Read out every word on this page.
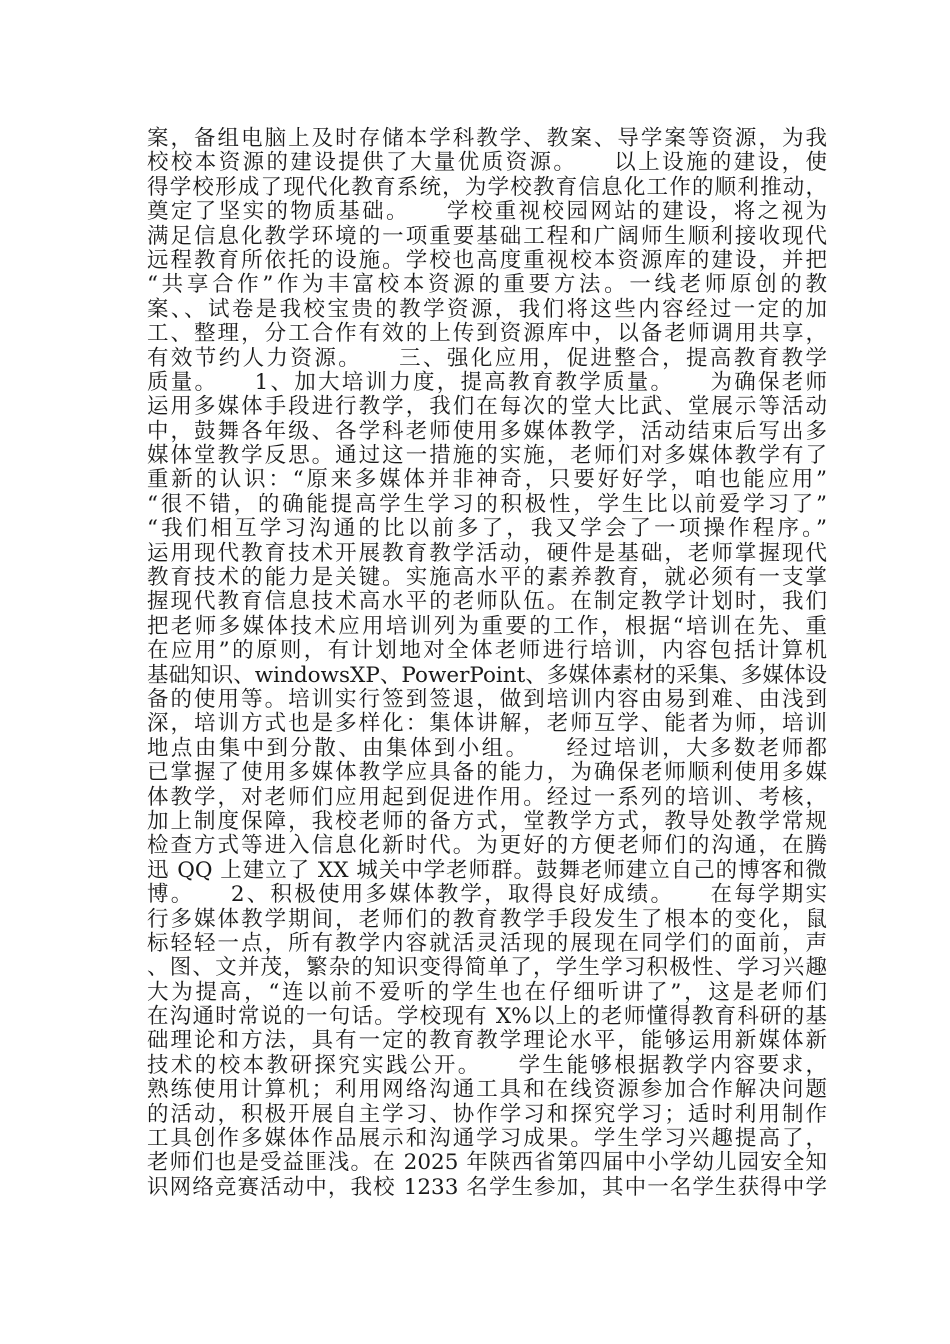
案，备组电脑上及时存储本学科教学、教案、导学案等资源，为我
校校本资源的建设提供了大量优质资源。    以上设施的建设，使
得学校形成了现代化教育系统，为学校教育信息化工作的顺利推动，
奠定了坚实的物质基础。    学校重视校园网站的建设，将之视为
满足信息化教学环境的一项重要基础工程和广阔师生顺利接收现代
远程教育所依托的设施。学校也高度重视校本资源库的建设，并把
“共享合作”作为丰富校本资源的重要方法。一线老师原创的教
案、、试卷是我校宝贵的教学资源，我们将这些内容经过一定的加
工、整理，分工合作有效的上传到资源库中，以备老师调用共享，
有效节约人力资源。    三、强化应用，促进整合，提高教育教学
质量。    1、加大培训力度，提高教育教学质量。    为确保老师
运用多媒体手段进行教学，我们在每次的堂大比武、堂展示等活动
中，鼓舞各年级、各学科老师使用多媒体教学，活动结束后写出多
媒体堂教学反思。通过这一措施的实施，老师们对多媒体教学有了
重新的认识：“原来多媒体并非神奇，只要好好学，咱也能应用”
“很不错，的确能提高学生学习的积极性，学生比以前爱学习了”
“我们相互学习沟通的比以前多了，我又学会了一项操作程序。”
运用现代教育技术开展教育教学活动，硬件是基础，老师掌握现代
教育技术的能力是关键。实施高水平的素养教育，就必须有一支掌
握现代教育信息技术高水平的老师队伍。在制定教学计划时，我们
把老师多媒体技术应用培训列为重要的工作，根据“培训在先、重
在应用”的原则，有计划地对全体老师进行培训，内容包括计算机
基础知识、windowsXP、PowerPoint、多媒体素材的采集、多媒体设
备的使用等。培训实行签到签退，做到培训内容由易到难、由浅到
深，培训方式也是多样化：集体讲解，老师互学、能者为师，培训
地点由集中到分散、由集体到小组。    经过培训，大多数老师都
已掌握了使用多媒体教学应具备的能力，为确保老师顺利使用多媒
体教学，对老师们应用起到促进作用。经过一系列的培训、考核，
加上制度保障，我校老师的备方式，堂教学方式，教导处教学常规
检查方式等进入信息化新时代。为更好的方便老师们的沟通，在腾
迅 QQ 上建立了 XX 城关中学老师群。鼓舞老师建立自己的博客和微
博。    2、积极使用多媒体教学，取得良好成绩。    在每学期实
行多媒体教学期间，老师们的教育教学手段发生了根本的变化，鼠
标轻轻一点，所有教学内容就活灵活现的展现在同学们的面前，声
、图、文并茂，繁杂的知识变得简单了，学生学习积极性、学习兴趣
大为提高，“连以前不爱听的学生也在仔细听讲了”，这是老师们
在沟通时常说的一句话。学校现有 X%以上的老师懂得教育科研的基
础理论和方法，具有一定的教育教学理论水平，能够运用新媒体新
技术的校本教研探究实践公开。    学生能够根据教学内容要求，
熟练使用计算机；利用网络沟通工具和在线资源参加合作解决问题
的活动，积极开展自主学习、协作学习和探究学习；适时利用制作
工具创作多媒体作品展示和沟通学习成果。学生学习兴趣提高了，
老师们也是受益匪浅。在 2025 年陕西省第四届中小学幼儿园安全知
识网络竞赛活动中，我校 1233 名学生参加，其中一名学生获得中学
